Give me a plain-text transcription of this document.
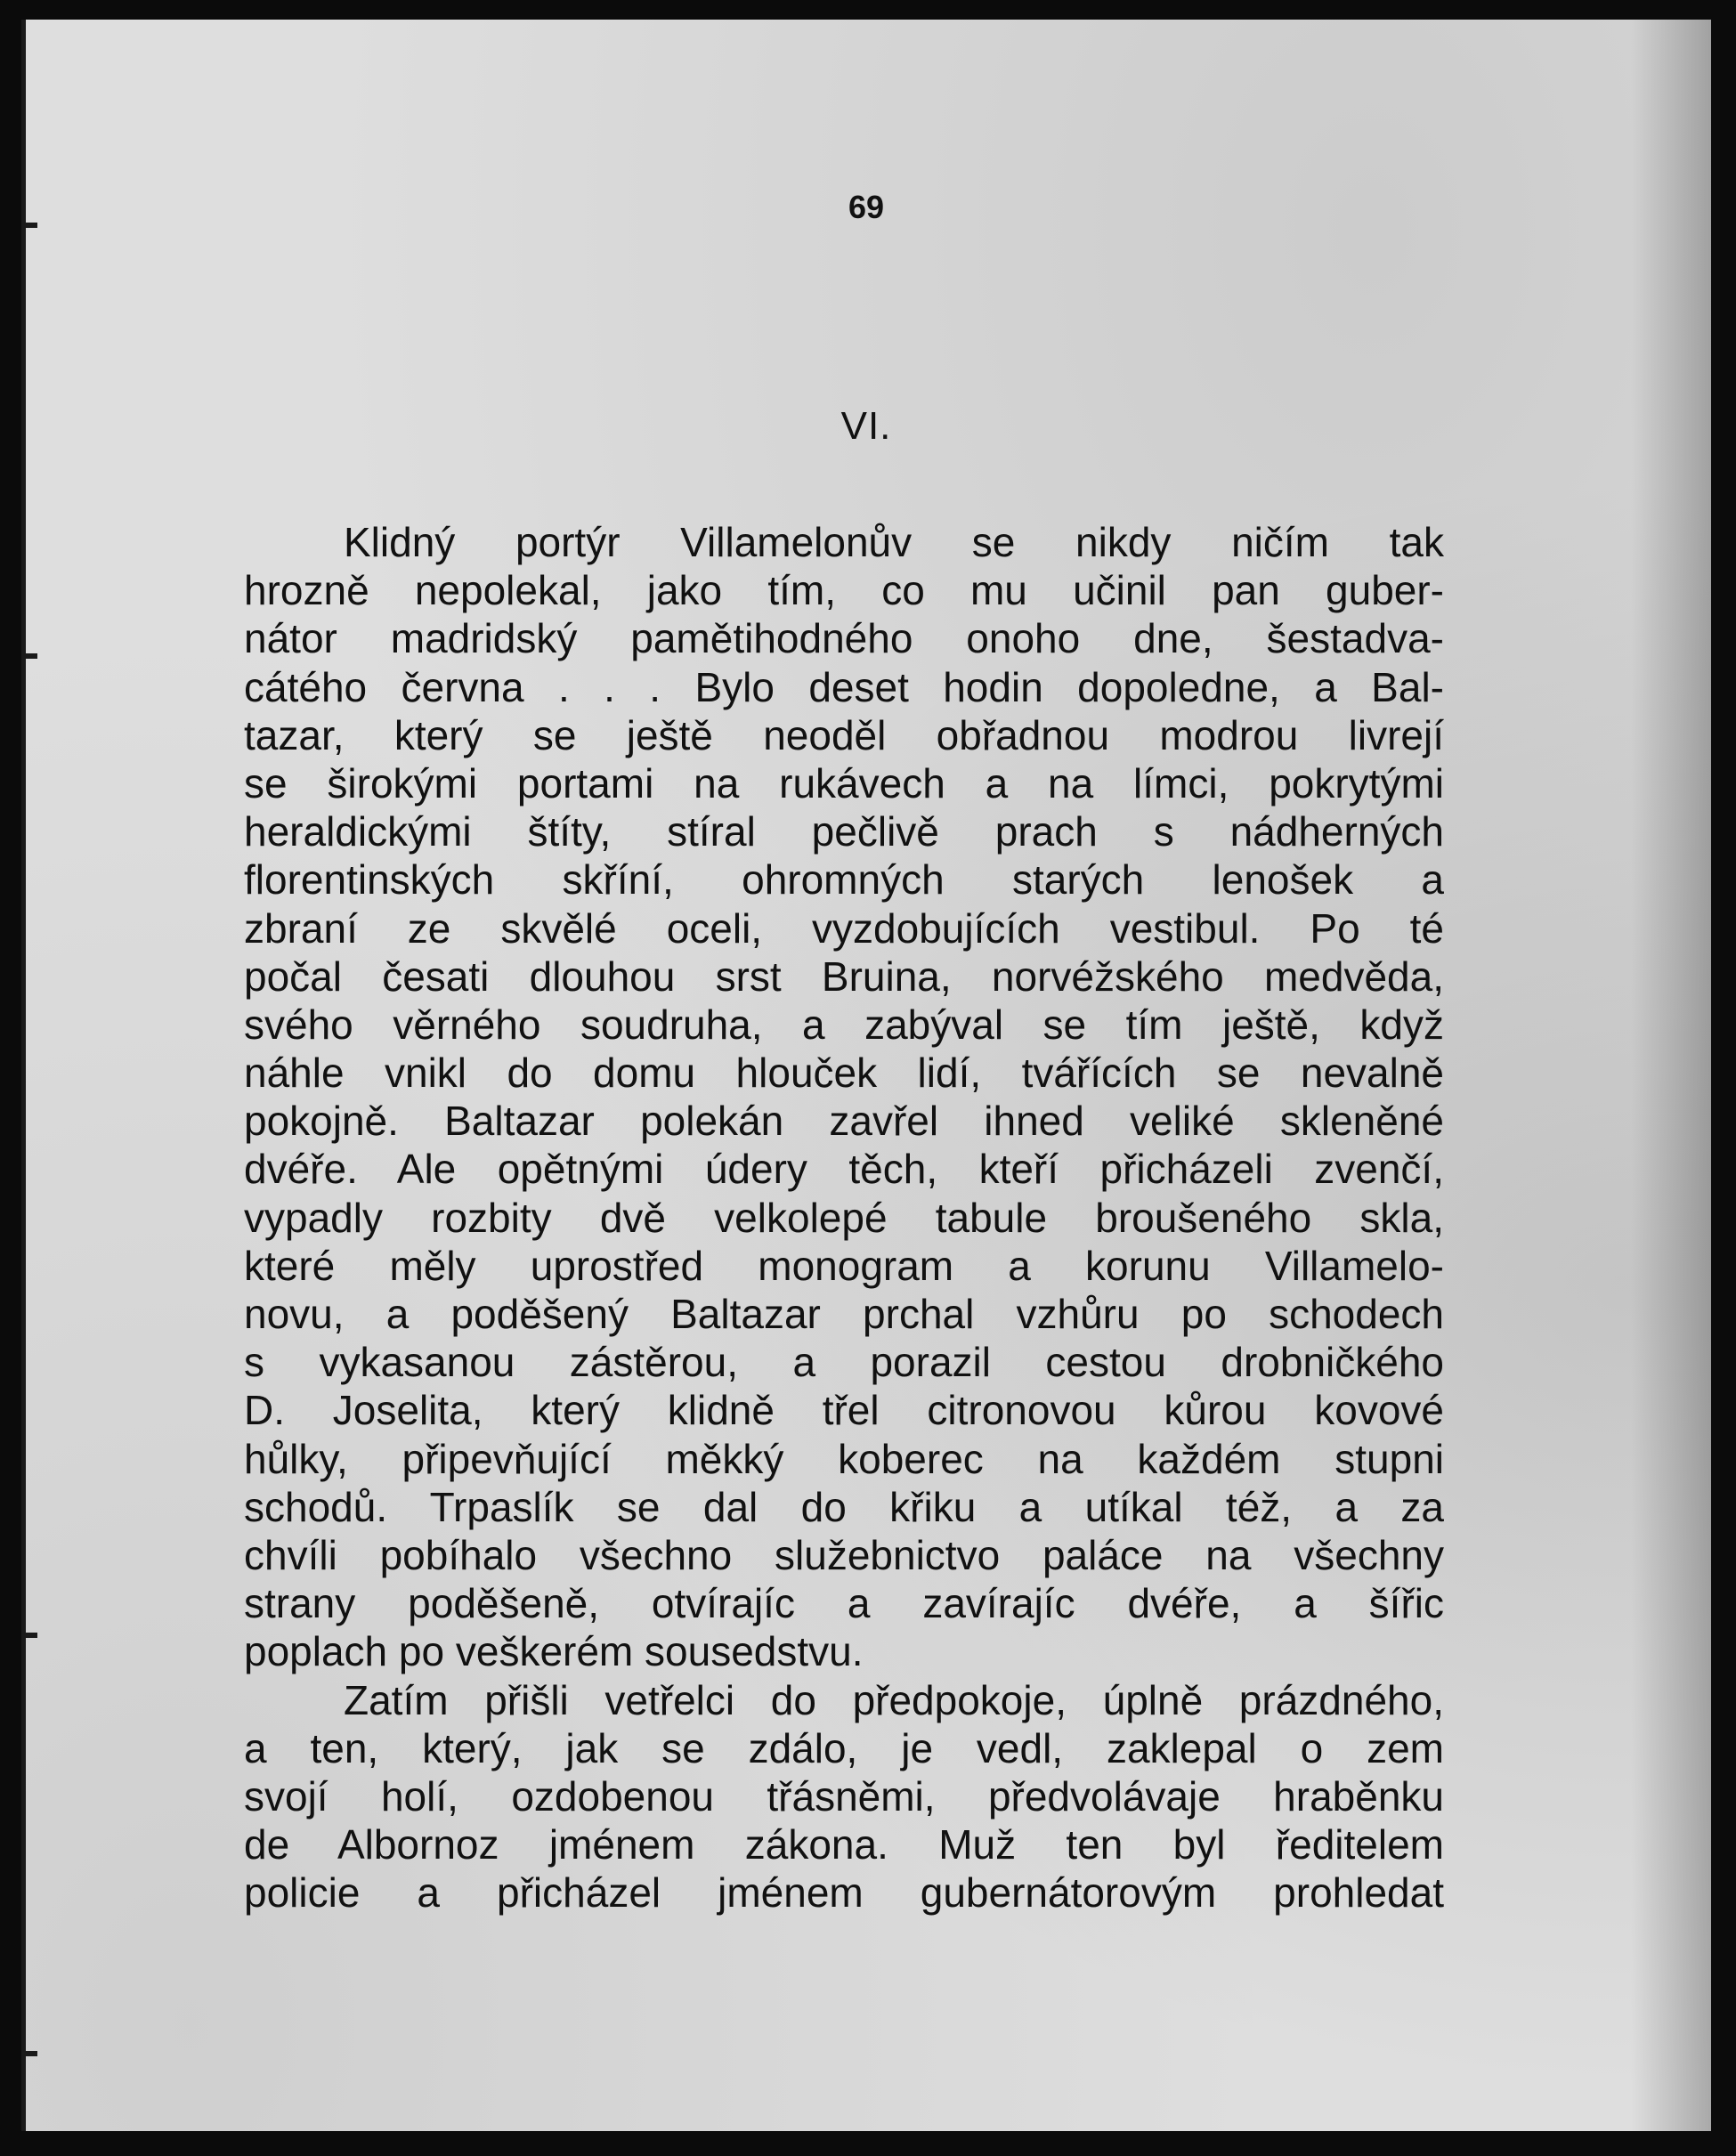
69
VI.
Klidný portýr Villamelonův se nikdy ničím tak
hrozně nepolekal, jako tím, co mu učinil pan guber-
nátor madridský pamětihodného onoho dne, šestadva-
cátého června . . . Bylo deset hodin dopoledne, a Bal-
tazar, který se ještě neoděl obřadnou modrou livrejí
se širokými portami na rukávech a na límci, pokrytými
heraldickými štíty, stíral pečlivě prach s nádherných
florentinských skříní, ohromných starých lenošek a
zbraní ze skvělé oceli, vyzdobujících vestibul. Po té
počal česati dlouhou srst Bruina, norvéžského medvěda,
svého věrného soudruha, a zabýval se tím ještě, když
náhle vnikl do domu hlouček lidí, tvářících se nevalně
pokojně. Baltazar polekán zavřel ihned veliké skleněné
dvéře. Ale opětnými údery těch, kteří přicházeli zvenčí,
vypadly rozbity dvě velkolepé tabule broušeného skla,
které měly uprostřed monogram a korunu Villamelo-
novu, a poděšený Baltazar prchal vzhůru po schodech
s vykasanou zástěrou, a porazil cestou drobničkého
D. Joselita, který klidně třel citronovou kůrou kovové
hůlky, připevňující měkký koberec na každém stupni
schodů. Trpaslík se dal do křiku a utíkal též, a za
chvíli pobíhalo všechno služebnictvo paláce na všechny
strany poděšeně, otvírajíc a zavírajíc dvéře, a šířic
poplach po veškerém sousedstvu.
Zatím přišli vetřelci do předpokoje, úplně prázdného,
a ten, který, jak se zdálo, je vedl, zaklepal o zem
svojí holí, ozdobenou třásněmi, předvolávaje hraběnku
de Albornoz jménem zákona. Muž ten byl ředitelem
policie a přicházel jménem gubernátorovým prohledat
